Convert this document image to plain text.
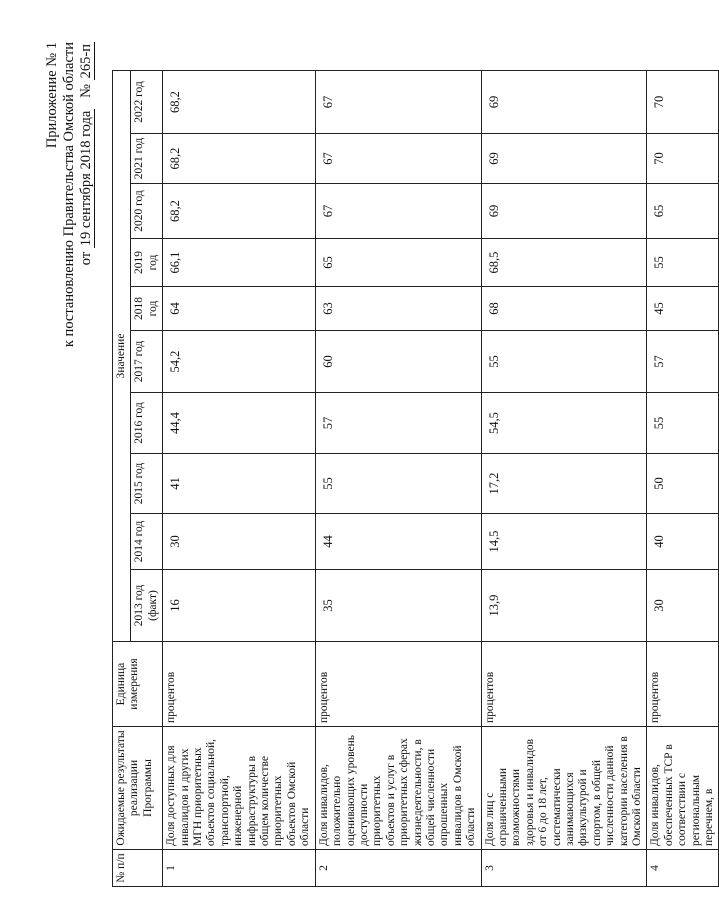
Приложение № 1 к постановлению Правительства Омской области от 19 сентября 2018 года   № 265-п
№ п/п	Ожидаемые результаты реализации Программы	Единица измерения	Значение									
			2013 год (факт)	2014 год	2015 год	2016 год	2017 год	2018 год	2019 год	2020 год	2021 год	2022 год
1	Доля доступных для инвалидов и других МГН приоритетных объектов социальной, транспортной, инженерной инфраструктуры в общем количестве приоритетных объектов Омской области	процентов	16	30	41	44,4	54,2	64	66,1	68,2	68,2	68,2
2	Доля инвалидов, положительно оценивающих уровень доступности приоритетных объектов и услуг в приоритетных сферах жизнедеятельности, в общей численности опрошенных инвалидов в Омской области	процентов	35	44	55	57	60	63	65	67	67	67
3	Доля лиц с ограниченными возможностями здоровья и инвалидов от 6 до 18 лет, систематически занимающихся физкультурой и спортом, в общей численности данной категории населения в Омской области	процентов	13,9	14,5	17,2	54,5	55	68	68,5	69	69	69
4	Доля инвалидов, обеспеченных ТСР в соответствии с региональным перечнем, в	процентов	30	40	50	55	57	45	55	65	70	70
